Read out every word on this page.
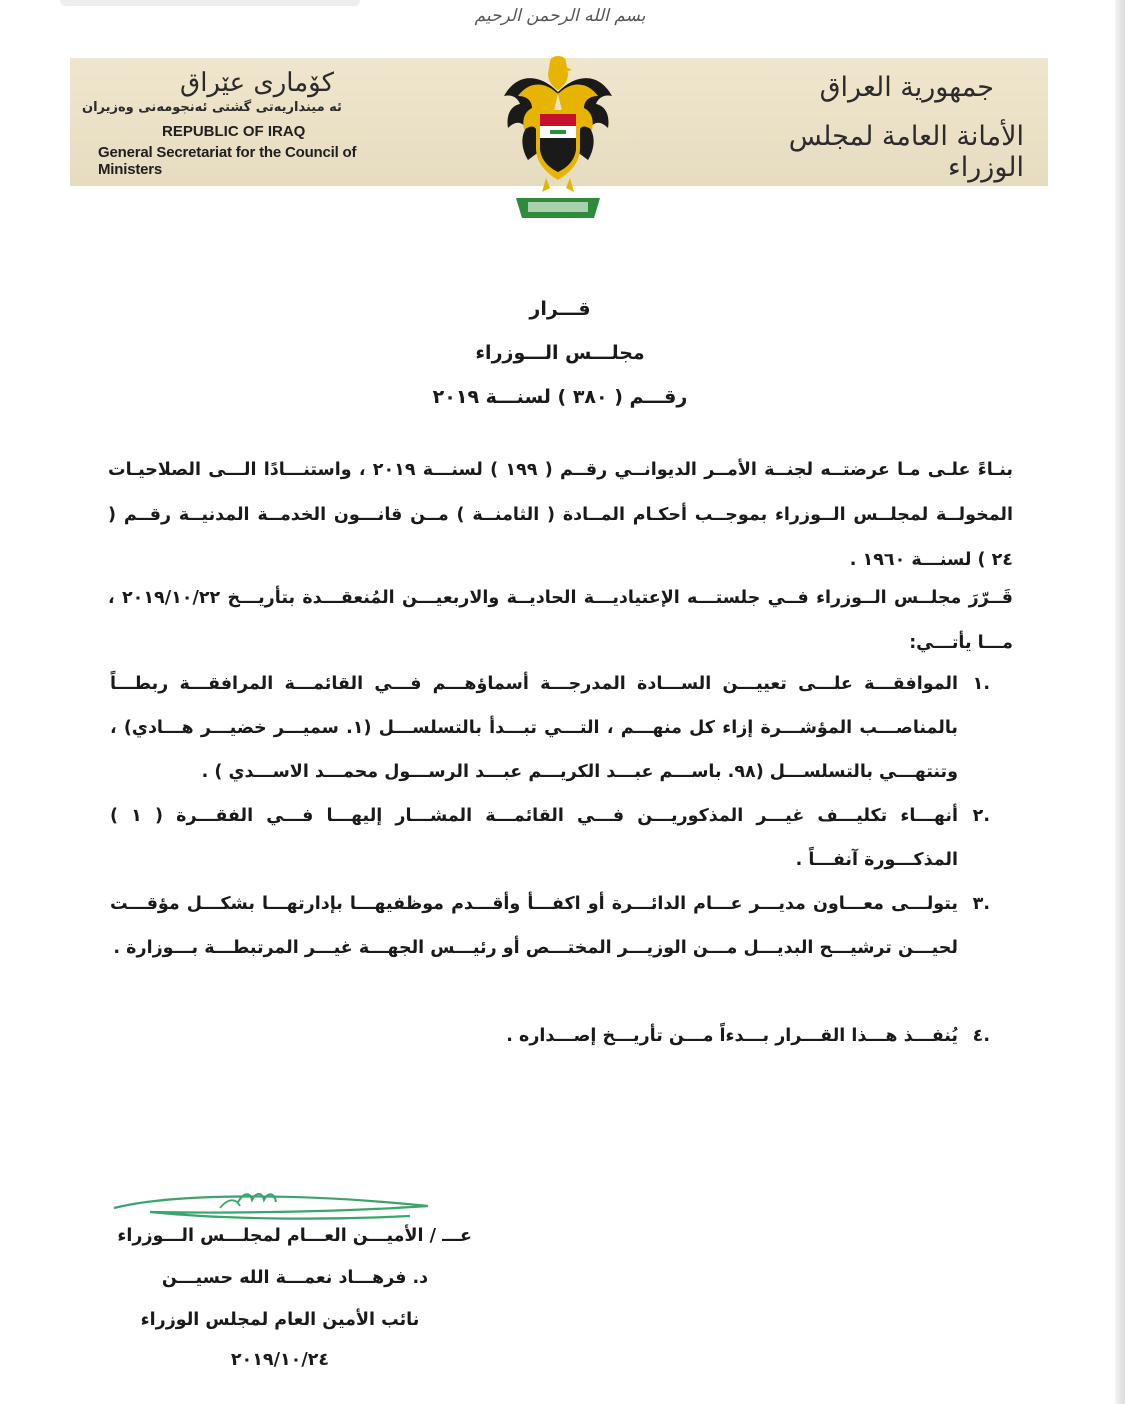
بسم الله الرحمن الرحيم
کۆماری عێراق
ئه‌ مینداریه‌تی گشتی ئه‌نجومه‌نی وه‌زیران
REPUBLIC OF IRAQ
General Secretariat for the Council of Ministers
جمهورية العراق
الأمانة العامة لمجلس الوزراء
قـــرار
مجلـــس الـــوزراء
رقـــم ( ٣٨٠ ) لسنـــة ٢٠١٩

بنـاءً علـى مـا عرضتــه لجنــة الأمــر الديوانــي رقــم ( ١٩٩ ) لسنـــة ٢٠١٩ ، واستنـــادًا الـــى الصلاحيـات المخولــة لمجلــس الــوزراء بموجــب أحكـام المــادة ( الثامنــة ) مــن قانـــون الخدمــة المدنيــة رقــم ( ٢٤ ) لسنـــة ١٩٦٠ .

قَــرّرَ مجلــس الــوزراء فــي جلستـــه الإعتياديـــة الحاديــة والاربعيـــن المُنعقـــدة بتأريـــخ ٢٠١٩/١٠/٢٢ ، مـــا يأتـــي:

.١
الموافقـــة علـــى تعييـــن الســـادة المدرجـــة أسماؤهـــم فـــي القائمـــة المرافقـــة ربطـــاً بالمناصـــب المؤشـــرة إزاء كل منهـــم ، التـــي تبـــدأ بالتسلســـل (١. سميـــر خضيـــر هـــادي) ، وتنتهـــي بالتسلســـل (٩٨. باســـم عبـــد الكريـــم عبـــد الرســـول محمـــد الاســـدي ) .
.٢
أنهـــاء تكليـــف غيـــر المذكوريـــن فـــي القائمـــة المشـــار إليهـــا فـــي الفقـــرة ( ١ ) المذكـــورة آنفـــاً .
.٣
يتولـــى معـــاون مديـــر عـــام الدائـــرة أو اكفـــأ وأقـــدم موظفيهـــا بإدارتهـــا بشكـــل مؤقـــت لحيـــن ترشيـــح البديـــل مـــن الوزيـــر المختـــص أو رئيـــس الجهـــة غيـــر المرتبطـــة بـــوزارة .
.٤
يُنفـــذ هـــذا القـــرار بـــدءاً مـــن تأريـــخ إصـــداره .
عـــ / الأميـــن العـــام لمجلـــس الـــوزراء
د. فرهـــاد نعمـــة الله حسيـــن
نائب الأمين العام لمجلس الوزراء
٢٠١٩/١٠/٢٤
